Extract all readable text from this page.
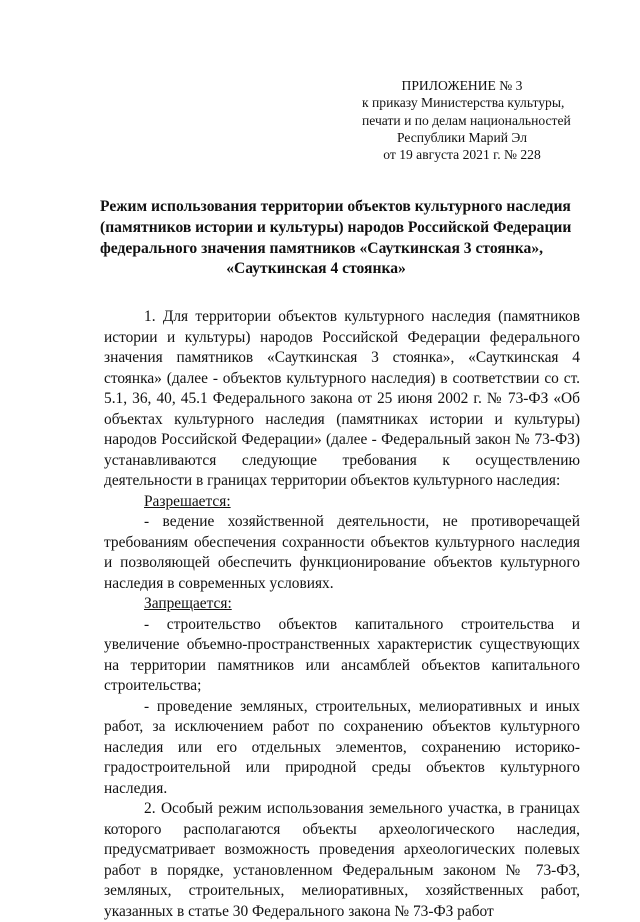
ПРИЛОЖЕНИЕ № 3
к приказу Министерства культуры,
печати и по делам национальностей
Республики Марий Эл
от 19 августа 2021 г. № 228
Режим использования территории объектов культурного наследия
(памятников истории и культуры) народов Российской Федерации
федерального значения памятников «Сауткинская 3 стоянка»,
«Сауткинская 4 стоянка»

1. Для территории объектов культурного наследия (памятников истории и культуры) народов Российской Федерации федерального значения памятников «Сауткинская 3 стоянка», «Сауткинская 4 стоянка» (далее - объектов культурного наследия) в соответствии со ст. 5.1, 36, 40, 45.1 Федерального закона от 25 июня 2002 г. № 73-ФЗ «Об объектах культурного наследия (памятниках истории и культуры) народов Российской Федерации» (далее - Федеральный закон № 73-ФЗ) устанавливаются следующие требования к осуществлению деятельности в границах территории объектов культурного наследия:

Разрешается:

- ведение хозяйственной деятельности, не противоречащей требованиям обеспечения сохранности объектов культурного наследия и позволяющей обеспечить функционирование объектов культурного наследия в современных условиях.

Запрещается:

- строительство объектов капитального строительства и увеличение объемно-пространственных характеристик существующих на территории памятников или ансамблей объектов капитального строительства;

- проведение земляных, строительных, мелиоративных и иных работ, за исключением работ по сохранению объектов культурного наследия или его отдельных элементов, сохранению историко-градостроительной или природной среды объектов культурного наследия.

2. Особый режим использования земельного участка, в границах которого располагаются объекты археологического наследия, предусматривает возможность проведения археологических полевых работ в порядке, установленном Федеральным законом № 73-ФЗ, земляных, строительных, мелиоративных, хозяйственных работ, указанных в статье 30 Федерального закона № 73-ФЗ работ
